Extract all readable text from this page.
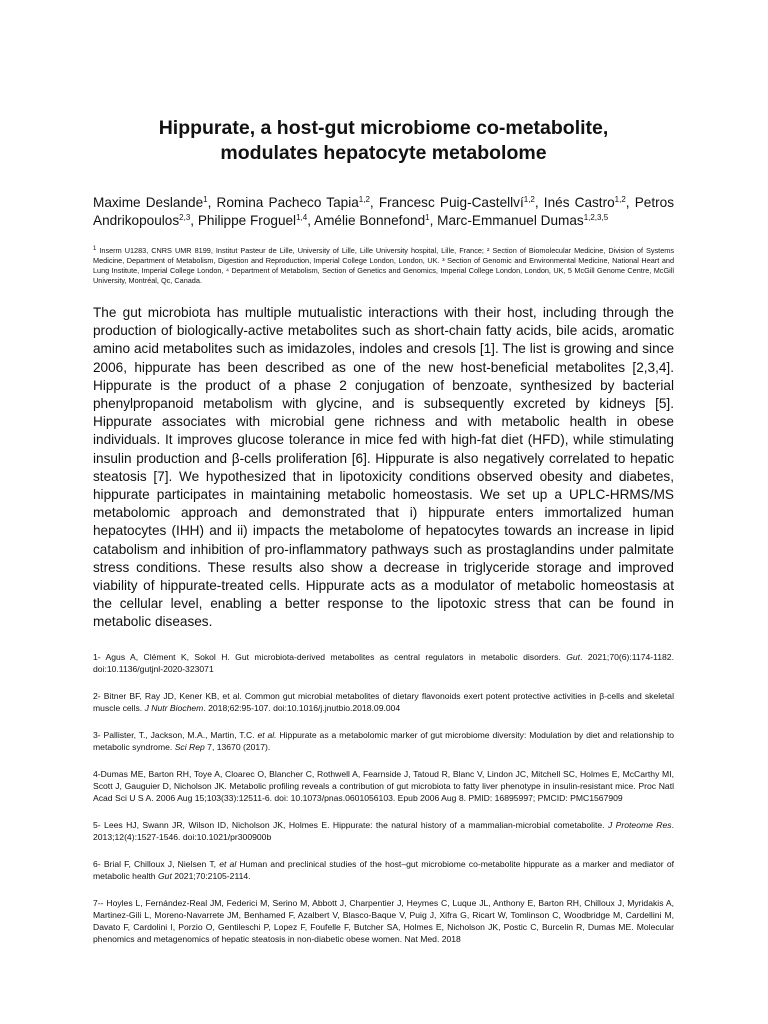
Hippurate, a host-gut microbiome co-metabolite,
modulates hepatocyte metabolome

Maxime Deslande$^1$, Romina Pacheco Tapia$^{1,2}$, Francesc Puig-Castellví$^{1,2}$, Inés Castro$^{1,2}$, Petros Andrikopoulos$^{2,3}$, Philippe Froguel$^{1,4}$, Amélie Bonnefond$^1$, Marc-Emmanuel Dumas$^{1,2,3,5}$

$^1$ Inserm U1283, CNRS UMR 8199, Institut Pasteur de Lille, University of Lille, Lille University hospital, Lille, France; ² Section of Biomolecular Medicine, Division of Systems Medicine, Department of Metabolism, Digestion and Reproduction, Imperial College London, London, UK. ³ Section of Genomic and Environmental Medicine, National Heart and Lung Institute, Imperial College London, ⁴ Department of Metabolism, Section of Genetics and Genomics, Imperial College London, London, UK, 5 McGill Genome Centre, McGill University, Montréal, Qc, Canada.

The gut microbiota has multiple mutualistic interactions with their host, including through the production of biologically-active metabolites such as short-chain fatty acids, bile acids, aromatic amino acid metabolites such as imidazoles, indoles and cresols [1]. The list is growing and since 2006, hippurate has been described as one of the new host-beneficial metabolites [2,3,4]. Hippurate is the product of a phase 2 conjugation of benzoate, synthesized by bacterial phenylpropanoid metabolism with glycine, and is subsequently excreted by kidneys [5]. Hippurate associates with microbial gene richness and with metabolic health in obese individuals. It improves glucose tolerance in mice fed with high-fat diet (HFD), while stimulating insulin production and β-cells proliferation [6]. Hippurate is also negatively correlated to hepatic steatosis [7]. We hypothesized that in lipotoxicity conditions observed obesity and diabetes, hippurate participates in maintaining metabolic homeostasis. We set up a UPLC-HRMS/MS metabolomic approach and demonstrated that i) hippurate enters immortalized human hepatocytes (IHH) and ii) impacts the metabolome of hepatocytes towards an increase in lipid catabolism and inhibition of pro-inflammatory pathways such as prostaglandins under palmitate stress conditions. These results also show a decrease in triglyceride storage and improved viability of hippurate-treated cells. Hippurate acts as a modulator of metabolic homeostasis at the cellular level, enabling a better response to the lipotoxic stress that can be found in metabolic diseases.

1- Agus A, Clément K, Sokol H. Gut microbiota-derived metabolites as central regulators in metabolic disorders. Gut. 2021;70(6):1174-1182. doi:10.1136/gutjnl-2020-323071

2- Bitner BF, Ray JD, Kener KB, et al. Common gut microbial metabolites of dietary flavonoids exert potent protective activities in β-cells and skeletal muscle cells. J Nutr Biochem. 2018;62:95-107. doi:10.1016/j.jnutbio.2018.09.004

3- Pallister, T., Jackson, M.A., Martin, T.C. et al. Hippurate as a metabolomic marker of gut microbiome diversity: Modulation by diet and relationship to metabolic syndrome. Sci Rep 7, 13670 (2017).

4-Dumas ME, Barton RH, Toye A, Cloarec O, Blancher C, Rothwell A, Fearnside J, Tatoud R, Blanc V, Lindon JC, Mitchell SC, Holmes E, McCarthy MI, Scott J, Gauguier D, Nicholson JK. Metabolic profiling reveals a contribution of gut microbiota to fatty liver phenotype in insulin-resistant mice. Proc Natl Acad Sci U S A. 2006 Aug 15;103(33):12511-6. doi: 10.1073/pnas.0601056103. Epub 2006 Aug 8. PMID: 16895997; PMCID: PMC1567909

5- Lees HJ, Swann JR, Wilson ID, Nicholson JK, Holmes E. Hippurate: the natural history of a mammalian-microbial cometabolite. J Proteome Res. 2013;12(4):1527-1546. doi:10.1021/pr300900b

6- Brial F, Chilloux J, Nielsen T, et al Human and preclinical studies of the host–gut microbiome co-metabolite hippurate as a marker and mediator of metabolic health Gut 2021;70:2105-2114.

7-- Hoyles L, Fernández-Real JM, Federici M, Serino M, Abbott J, Charpentier J, Heymes C, Luque JL, Anthony E, Barton RH, Chilloux J, Myridakis A, Martinez-Gili L, Moreno-Navarrete JM, Benhamed F, Azalbert V, Blasco-Baque V, Puig J, Xifra G, Ricart W, Tomlinson C, Woodbridge M, Cardellini M, Davato F, Cardolini I, Porzio O, Gentileschi P, Lopez F, Foufelle F, Butcher SA, Holmes E, Nicholson JK, Postic C, Burcelin R, Dumas ME. Molecular phenomics and metagenomics of hepatic steatosis in non-diabetic obese women. Nat Med. 2018
